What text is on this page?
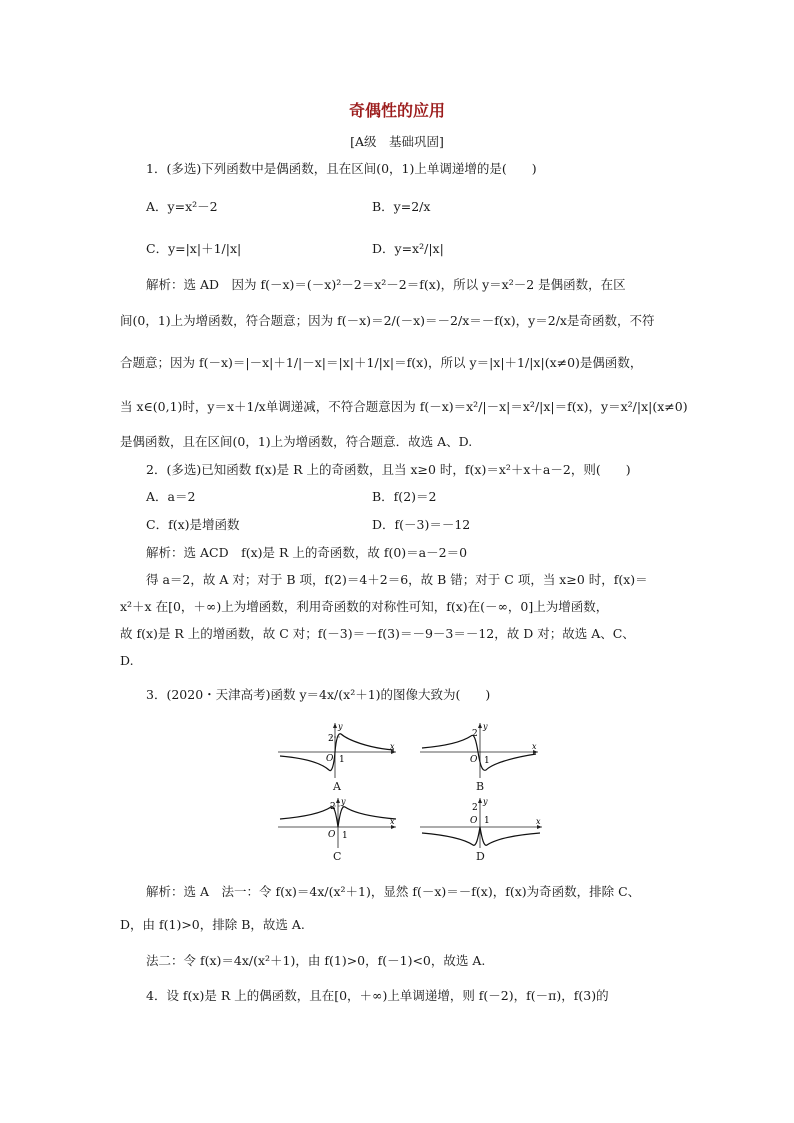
奇偶性的应用
[A级　基础巩固]
1．(多选)下列函数中是偶函数，且在区间(0，1)上单调递增的是(　　)
A．y=x²－2	B．y=2/x
C．y=|x|＋1/|x|	D．y=x²/|x|
解析：选 AD　因为 f(－x)＝(－x)²－2＝x²－2＝f(x)，所以 y＝x²－2 是偶函数，在区
间(0，1)上为增函数，符合题意；因为 f(－x)＝2/(－x)＝－2/x＝－f(x)，y＝2/x是奇函数，不符
合题意；因为 f(－x)＝|－x|＋1/|－x|＝|x|＋1/|x|＝f(x)，所以 y＝|x|＋1/|x|(x≠0)是偶函数，
当 x∈(0,1)时，y＝x＋1/x单调递减，不符合题意因为 f(－x)＝x²/|－x|＝x²/|x|＝f(x)，y＝x²/|x|(x≠0)
是偶函数，且在区间(0，1)上为增函数，符合题意．故选 A、D.
2．(多选)已知函数 f(x)是 R 上的奇函数，且当 x≥0 时，f(x)＝x²＋x＋a－2，则(　　)
A．a＝2	B．f(2)＝2
C．f(x)是增函数	D．f(－3)＝－12
解析：选 ACD　f(x)是 R 上的奇函数，故 f(0)＝a－2＝0
得 a＝2，故 A 对；对于 B 项，f(2)＝4＋2＝6，故 B 错；对于 C 项，当 x≥0 时，f(x)＝
x²＋x 在[0，＋∞)上为增函数，利用奇函数的对称性可知，f(x)在(－∞，0]上为增函数，
故 f(x)是 R 上的增函数，故 C 对；f(－3)＝－f(3)＝－9－3＝－12，故 D 对；故选 A、C、
D.
3．(2020・天津高考)函数 y＝4x/(x²＋1)的图像大致为(　　)
2
1
O
x
y
A
2
1
O
x
y
B
2
1
O
x
y
C
2
1
O	x
y
D
解析：选 A　法一：令 f(x)＝4x/(x²＋1)，显然 f(－x)＝－f(x)，f(x)为奇函数，排除 C、
D，由 f(1)>0，排除 B，故选 A.
法二：令 f(x)＝4x/(x²＋1)，由 f(1)>0，f(－1)<0，故选 A.
4．设 f(x)是 R 上的偶函数，且在[0，＋∞)上单调递增，则 f(－2)，f(－π)，f(3)的
